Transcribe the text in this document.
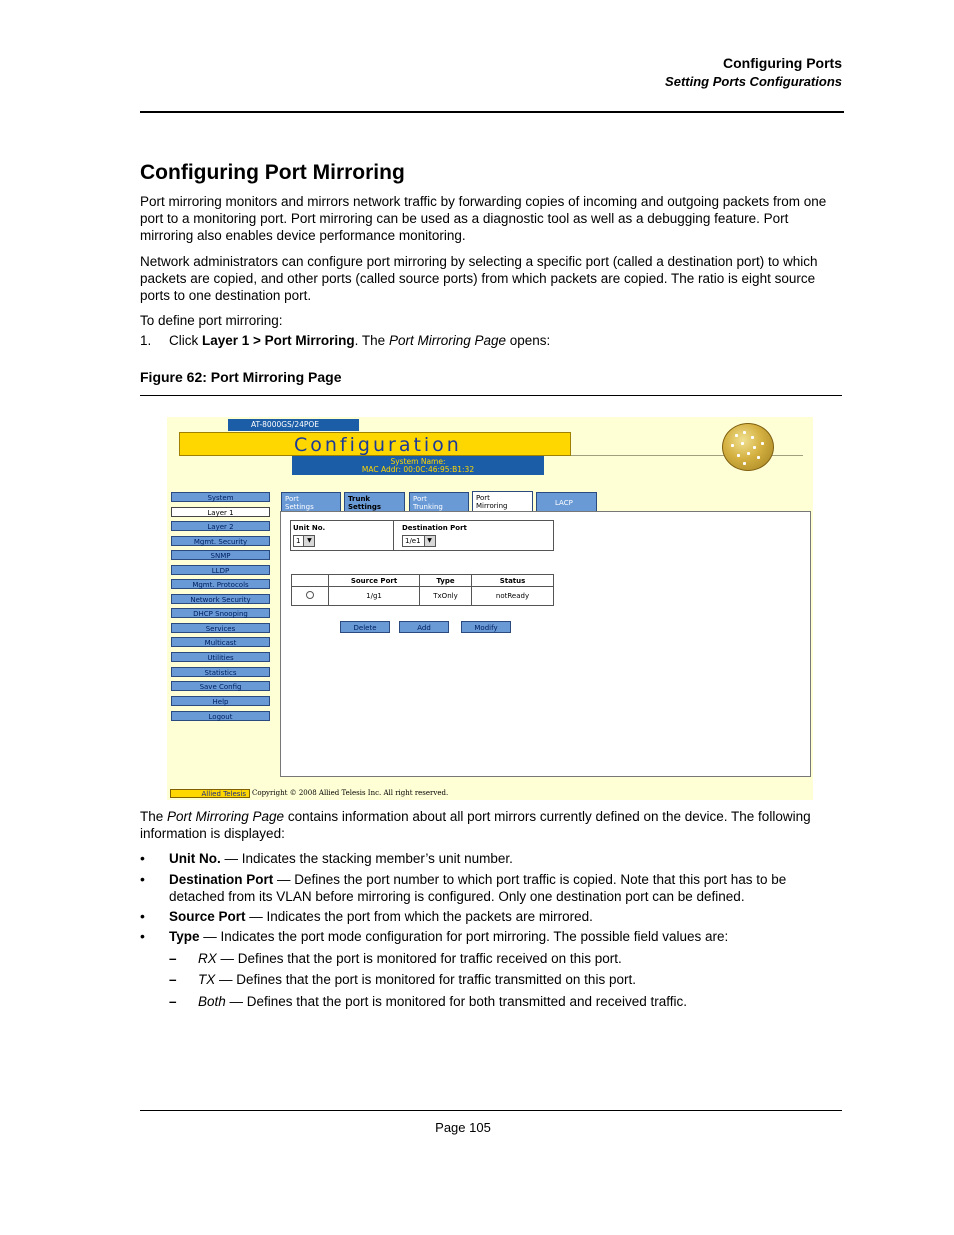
Configuring Ports
Setting Ports Configurations
Configuring Port Mirroring

Port mirroring monitors and mirrors network traffic by forwarding copies of incoming and outgoing packets from one port to a monitoring port. Port mirroring can be used as a diagnostic tool as well as a debugging feature. Port mirroring also enables device performance monitoring.

Network administrators can configure port mirroring by selecting a specific port (called a destination port) to which packets are copied, and other ports (called source ports) from which packets are copied. The ratio is eight source ports to one destination port.

To define port mirroring:

1. Click Layer 1 > Port Mirroring. The Port Mirroring Page opens:
Figure 62: Port Mirroring Page
AT-8000GS/24POE
Configuration
System Name:
MAC Addr: 00:0C:46:95:B1:32
System
Layer 1
Layer 2
Mgmt. Security
SNMP
LLDP
Mgmt. Protocols
Network Security
DHCP Snooping
Services
Multicast
Utilities
Statistics
Save Config
Help
Logout
Port
Settings
Trunk
Settings
Port
Trunking
Port
Mirroring	LACP
Unit No.
1	▼

Destination Port
1/e1	▼
	Source Port	Type	Status
	1/g1	TxOnly	notReady
Delete	Add	Modify
Allied Telesis Copyright © 2008 Allied Telesis Inc. All right reserved.

The Port Mirroring Page contains information about all port mirrors currently defined on the device. The following information is displayed:

• Unit No. — Indicates the stacking member’s unit number.
• Destination Port — Defines the port number to which port traffic is copied. Note that this port has to be detached from its VLAN before mirroring is configured. Only one destination port can be defined.
• Source Port — Indicates the port from which the packets are mirrored.
• Type — Indicates the port mode configuration for port mirroring. The possible field values are:
– RX — Defines that the port is monitored for traffic received on this port.
– TX — Defines that the port is monitored for traffic transmitted on this port.
– Both — Defines that the port is monitored for both transmitted and received traffic.
Page 105
